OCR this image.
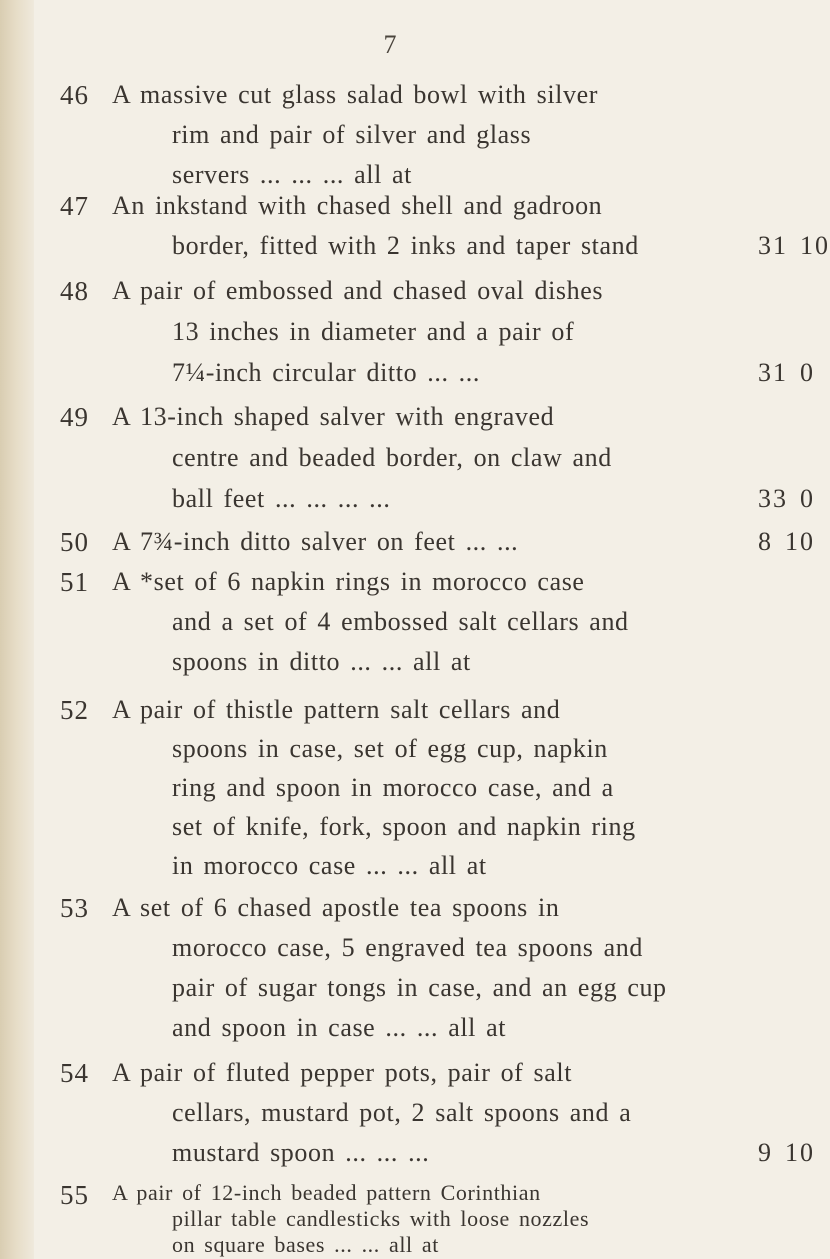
7
46 A massive cut glass salad bowl with silver
rim and pair of silver and glass
servers ... ... ... all at
47 An inkstand with chased shell and gadroon
border, fitted with 2 inks and taper stand	31 10
48 A pair of embossed and chased oval dishes
13 inches in diameter and a pair of
7¼-inch circular ditto ... ...	31 0
49 A 13-inch shaped salver with engraved
centre and beaded border, on claw and
ball feet ... ... ... ...	33 0
50 A 7¾-inch ditto salver on feet ... ...	8 10
51 A *set of 6 napkin rings in morocco case
and a set of 4 embossed salt cellars and
spoons in ditto ... ... all at
52 A pair of thistle pattern salt cellars and
spoons in case, set of egg cup, napkin
ring and spoon in morocco case, and a
set of knife, fork, spoon and napkin ring
in morocco case ... ... all at
53 A set of 6 chased apostle tea spoons in
morocco case, 5 engraved tea spoons and
pair of sugar tongs in case, and an egg cup
and spoon in case ... ... all at
54 A pair of fluted pepper pots, pair of salt
cellars, mustard pot, 2 salt spoons and a
mustard spoon ... ... ...	9 10
55	A pair of 12-inch beaded pattern Corinthian
pillar table candlesticks with loose nozzles
on square bases ... ... all at
